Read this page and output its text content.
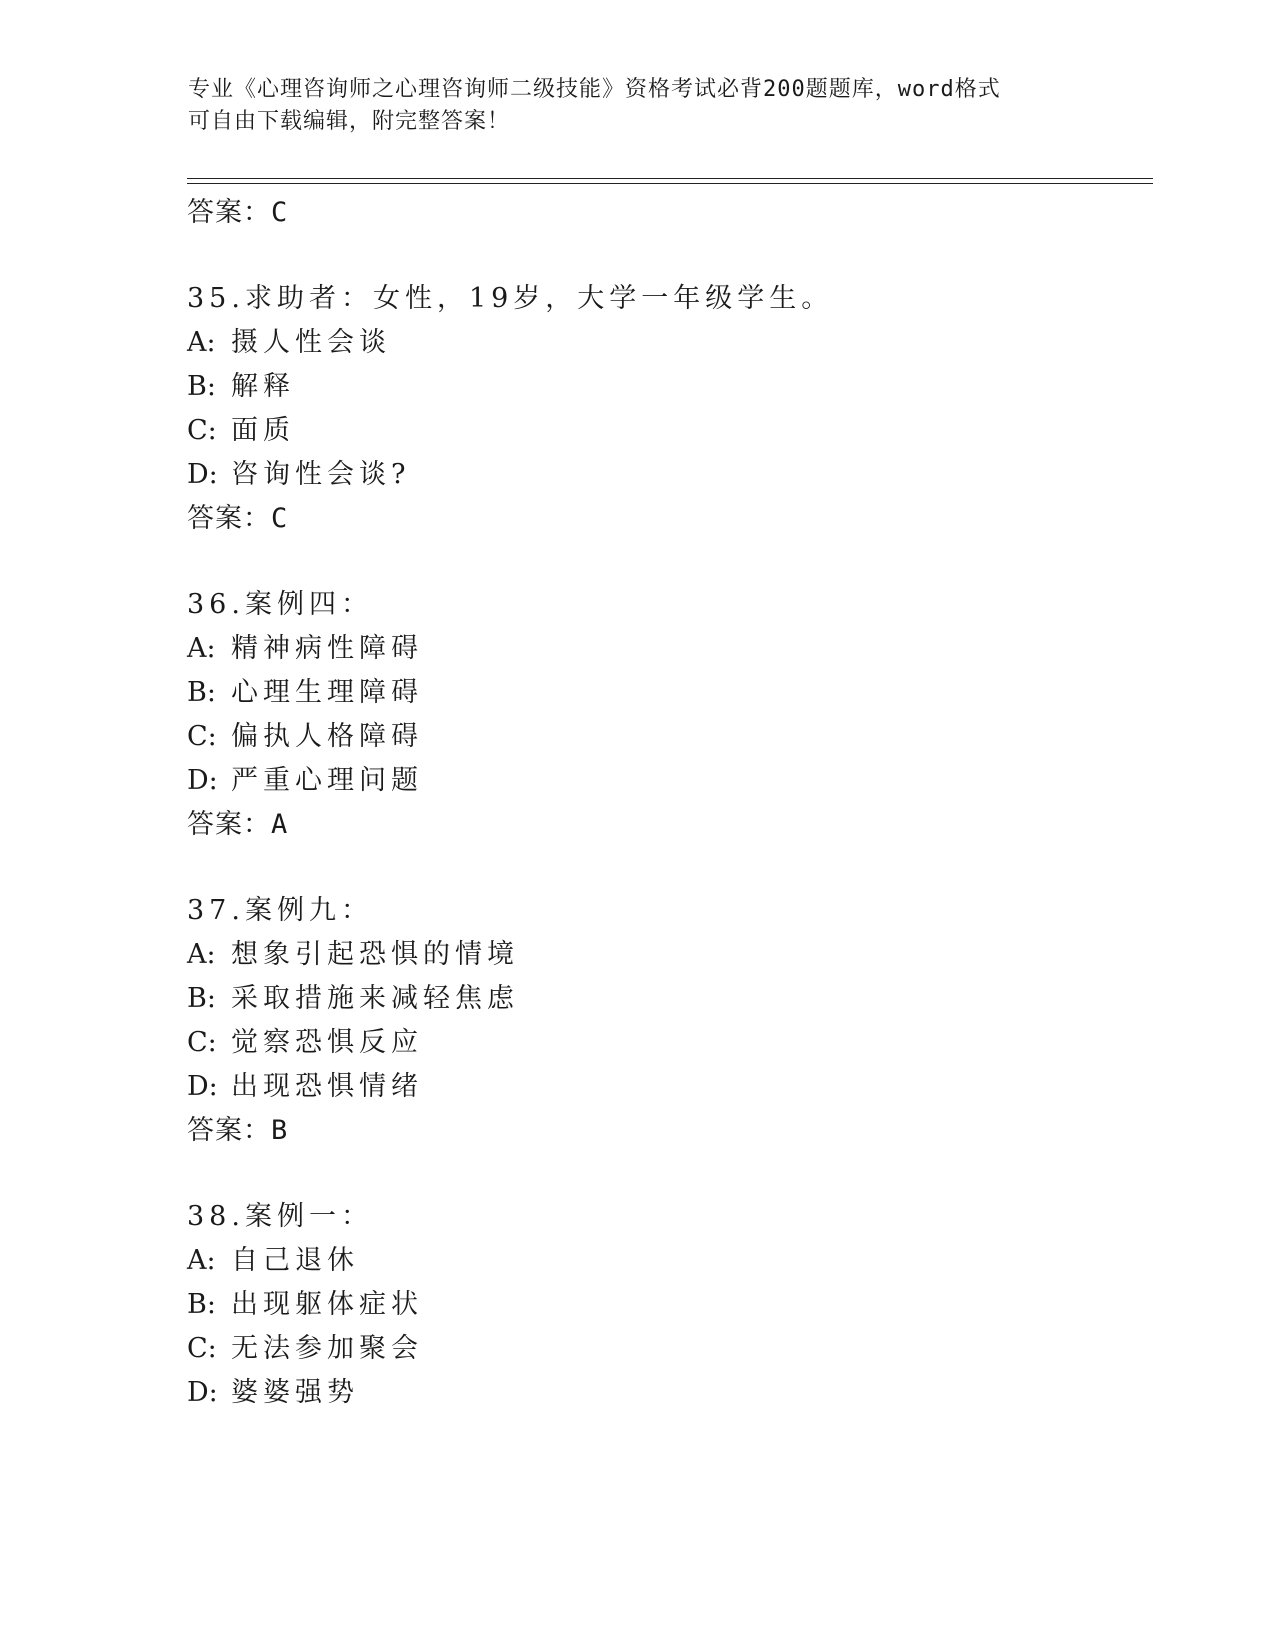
专业《心理咨询师之心理咨询师二级技能》资格考试必背200题题库，word格式
可自由下载编辑，附完整答案！
答案：C
35.求助者：女性，19岁，大学一年级学生。
A: 摄人性会谈
B: 解释
C: 面质
D: 咨询性会谈?
答案：C
36.案例四：
A: 精神病性障碍
B: 心理生理障碍
C: 偏执人格障碍
D: 严重心理问题
答案：A
37.案例九：
A: 想象引起恐惧的情境
B: 采取措施来减轻焦虑
C: 觉察恐惧反应
D: 出现恐惧情绪
答案：B
38.案例一：
A: 自己退休
B: 出现躯体症状
C: 无法参加聚会
D: 婆婆强势
